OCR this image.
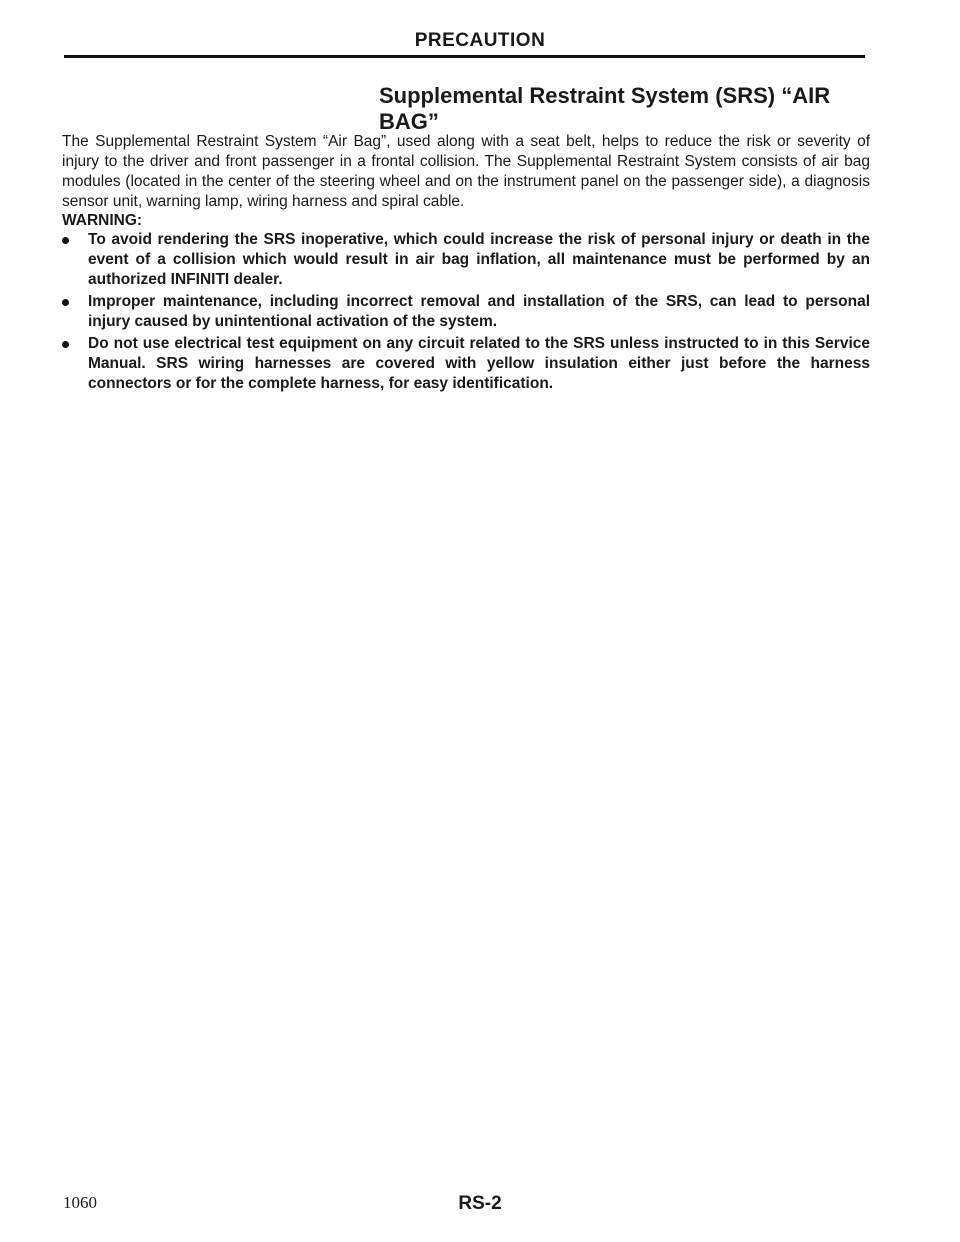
PRECAUTION
Supplemental Restraint System (SRS) “AIR BAG”
The Supplemental Restraint System “Air Bag”, used along with a seat belt, helps to reduce the risk or severity of injury to the driver and front passenger in a frontal collision. The Supplemental Restraint System consists of air bag modules (located in the center of the steering wheel and on the instrument panel on the passenger side), a diagnosis sensor unit, warning lamp, wiring harness and spiral cable.
WARNING:
To avoid rendering the SRS inoperative, which could increase the risk of personal injury or death in the event of a collision which would result in air bag inflation, all maintenance must be performed by an authorized INFINITI dealer.
Improper maintenance, including incorrect removal and installation of the SRS, can lead to personal injury caused by unintentional activation of the system.
Do not use electrical test equipment on any circuit related to the SRS unless instructed to in this Service Manual. SRS wiring harnesses are covered with yellow insulation either just before the harness connectors or for the complete harness, for easy identification.
1060	RS-2
